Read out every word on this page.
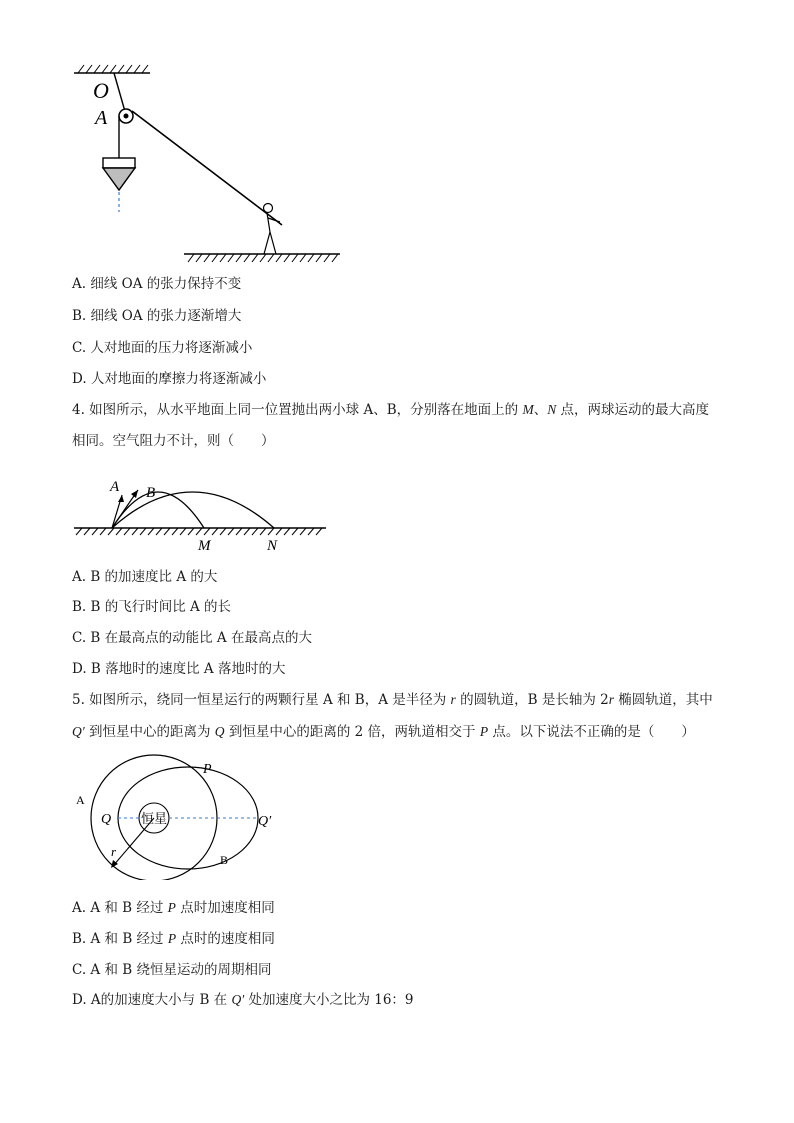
O
A
A. 细线 OA 的张力保持不变
B. 细线 OA 的张力逐渐增大
C. 人对地面的压力将逐渐减小
D. 人对地面的摩擦力将逐渐减小
4. 如图所示，从水平地面上同一位置抛出两小球 A、B，分别落在地面上的 M、N 点，两球运动的最大高度
相同。空气阻力不计，则（　　）
A B
M	N
A. B 的加速度比 A 的大
B. B 的飞行时间比 A 的长
C. B 在最高点的动能比 A 在最高点的大
D. B 落地时的速度比 A 落地时的大
5. 如图所示，绕同一恒星运行的两颗行星 A 和 B，A 是半径为 r 的圆轨道，B 是长轴为 2r 椭圆轨道，其中
Q′ 到恒星中心的距离为 Q 到恒星中心的距离的 2 倍，两轨道相交于 P 点。以下说法不正确的是（　　）
恒星
r
A
P
Q	Q′
B
A. A 和 B 经过 P 点时加速度相同
B. A 和 B 经过 P 点时的速度相同
C. A 和 B 绕恒星运动的周期相同
D. A的加速度大小与 B 在 Q′ 处加速度大小之比为 16：9
